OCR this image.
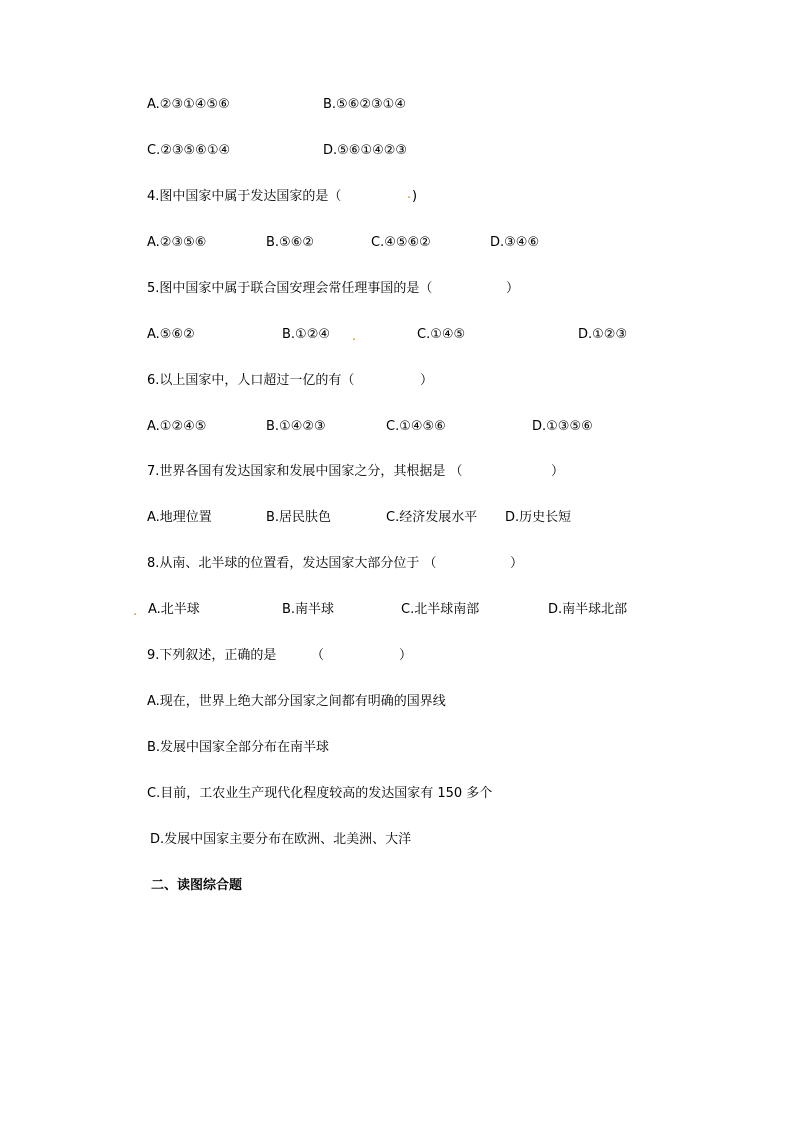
A.②③①④⑤⑥	B.⑤⑥②③①④
C.②③⑤⑥①④	D.⑤⑥①④②③
4.图中国家中属于发达国家的是（	. )
A.②③⑤⑥	B.⑤⑥②	C.④⑤⑥②	D.③④⑥
5.图中国家中属于联合国安理会常任理事国的是（	）
A.⑤⑥②	B.①②④ .	C.①④⑤	D.①②③
6.以上国家中，人口超过一亿的有（	）
A.①②④⑤	B.①④②③	C.①④⑤⑥	D.①③⑤⑥
7.世界各国有发达国家和发展中国家之分，其根据是 （	）
A.地理位置	B.居民肤色	C.经济发展水平 D.历史长短
8.从南、北半球的位置看，发达国家大部分位于 （	）
. A.北半球	B.南半球	C.北半球南部	D.南半球北部
9.下列叙述，正确的是	（	）
A.现在，世界上绝大部分国家之间都有明确的国界线
B.发展中国家全部分布在南半球
C.目前，工农业生产现代化程度较高的发达国家有 150 多个
D.发展中国家主要分布在欧洲、北美洲、大洋
二、读图综合题
